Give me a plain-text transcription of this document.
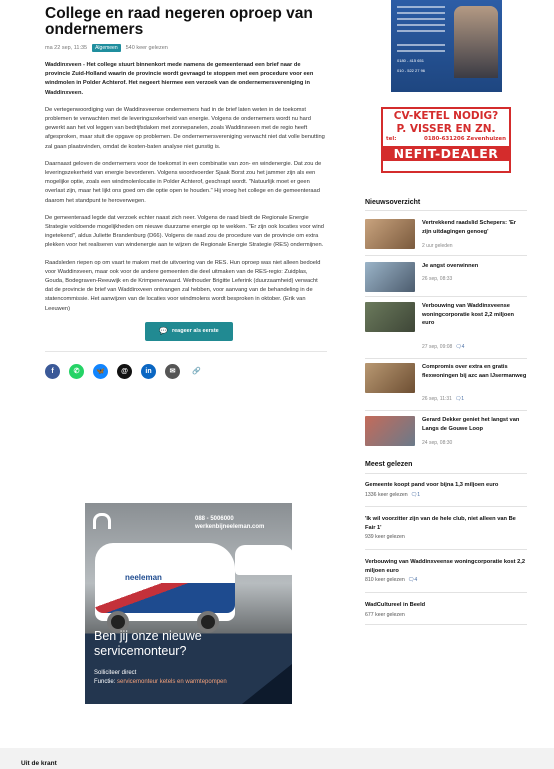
College en raad negeren oproep van ondernemers
ma 22 sep, 11:35	Algemeen	540 keer gelezen

Waddinxveen - Het college stuurt binnenkort mede namens de gemeenteraad een brief naar de provincie Zuid-Holland waarin de provincie wordt gevraagd te stoppen met een procedure voor een windmolen in Polder Achterof. Het negeert hiermee een verzoek van de ondernemersvereniging in Waddinxveen.

De vertegenwoordiging van de Waddinxveense ondernemers had in de brief laten weten in de toekomst problemen te verwachten met de leveringszekerheid van energie. Volgens de ondernemers wordt nu hard gewerkt aan het vol leggen van bedrijfsdaken met zonnepanelen, zoals Waddinxveen met de regio heeft afgesproken, maar stuit die opgave op problemen. De ondernemersvereniging verwacht niet dat volle benutting zal gaan plaatsvinden, omdat de kosten-baten analyse niet gunstig is.

Daarnaast geloven de ondernemers voor de toekomst in een combinatie van zon- en windenergie. Dat zou de leveringszekerheid van energie bevorderen. Volgens woordvoerder Sjaak Borst zou het jammer zijn als een mogelijke optie, zoals een windmolenlocatie in Polder Achterof, geschrapt wordt. "Natuurlijk moet er geen overlast zijn, maar het lijkt ons goed om die optie open te houden." Hij vroeg het college en de gemeenteraad daarom het standpunt te heroverwegen.

De gemeenteraad legde dat verzoek echter naast zich neer. Volgens de raad biedt de Regionale Energie Strategie voldoende mogelijkheden om nieuwe duurzame energie op te wekken. "Er zijn ook locaties voor wind ingetekend", aldus Juliette Brandenburg (D66). Volgens de raad zou de procedure van de provincie om extra plekken voor het realiseren van windenergie aan te wijzen de Regionale Energie Strategie (RES) ondermijnen.

Raadsleden riepen op om vaart te maken met de uitvoering van de RES. Hun oproep was niet alleen bedoeld voor Waddinxveen, maar ook voor de andere gemeenten die deel uitmaken van de RES-regio: Zuidplas, Gouda, Bodegraven-Reeuwijk en de Krimpenerwaard. Wethouder Brigitte Leferink (duurzaamheid) verwacht dat de provincie de brief van Waddinxveen ontvangen zal hebben, voor aanvang van de behandeling in de statencommissie. Het aanwijzen van de locaties voor windmolens wordt besproken in oktober. (Erik van Leeuwen)

💬 reageer als eerste
f	✆	🦋	@	in	✉	🔗
088 - 5006000
werkenbijneeleman.com
neeleman
Ben jij onze nieuwe servicemonteur?
Solliciteer direct
Functie: servicemonteur ketels en warmtepompen
0180 - 415 651
010 - 522 27 96
CV-KETEL NODIG?
P. VISSER EN ZN.
tel:	0180-631206 Zevenhuizen
NEFIT-DEALER
Nieuwsoverzicht
Vertrekkend raadslid Schepers: 'Er zijn uitdagingen genoeg'
2 uur geleden
Je angst overwinnen
26 sep, 08:33
Verbouwing van Waddinxveense woningcorporatie kost 2,2 miljoen euro
27 sep, 09:08 🗨4
Compromis over extra en gratis flexwoningen bij azc aan IJsermanweg
26 sep, 11:31 🗨1
Gerard Dekker geniet het langst van Langs de Gouwe Loop
24 sep, 08:30
Meest gelezen
Gemeente koopt pand voor bijna 1,3 miljoen euro
1336 keer gelezen 🗨1
'Ik wil voorzitter zijn van de hele club, niet alleen van Be Fair 1'
939 keer gelezen
Verbouwing van Waddinxveense woningcorporatie kost 2,2 miljoen euro
810 keer gelezen 🗨4
WadCultureel in Beeld
677 keer gelezen
Uit de krant
